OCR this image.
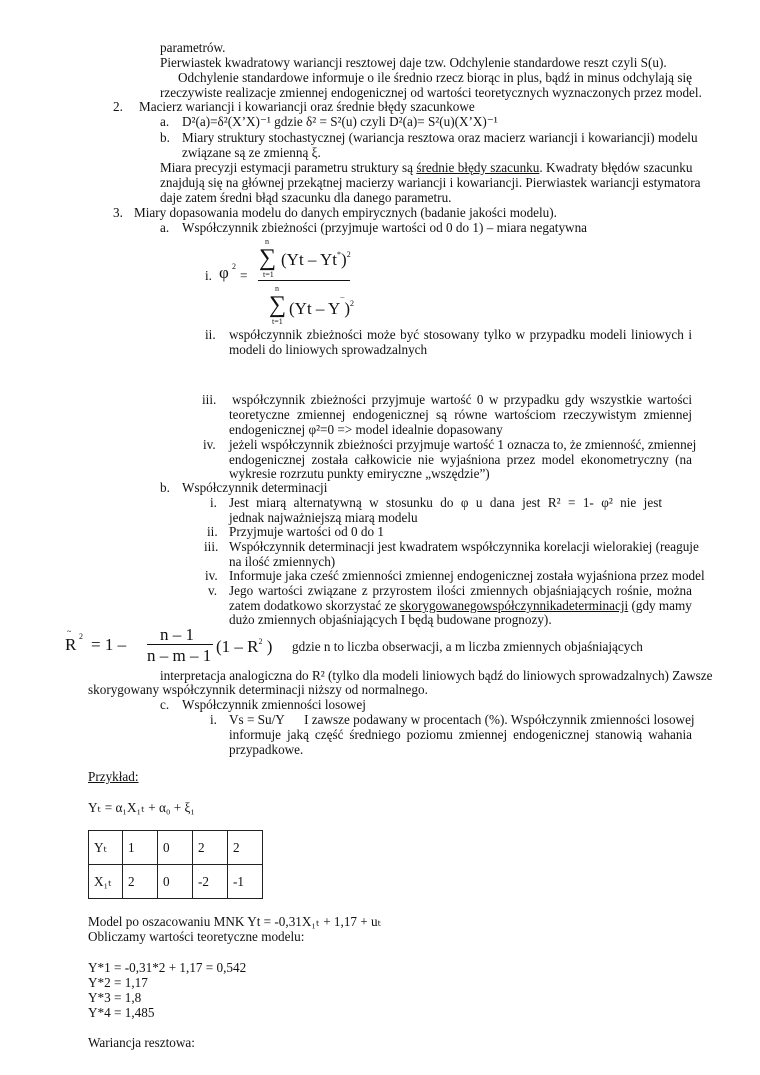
parametrów.
Pierwiastek kwadratowy wariancji resztowej daje tzw. Odchylenie standardowe reszt czyli S(u).
Odchylenie standardowe informuje o ile średnio rzecz biorąc in plus, bądź in minus odchylają się
rzeczywiste realizacje zmiennej endogenicznej od wartości teoretycznych wyznaczonych przez model.
2. Macierz wariancji i kowariancji oraz średnie błędy szacunkowe
a. D²(a)=δ²(X’X)⁻¹ gdzie δ² = S²(u) czyli D²(a)= S²(u)(X’X)⁻¹
b. Miary struktury stochastycznej (wariancja resztowa oraz macierz wariancji i kowariancji) modelu
związane są ze zmienną ξ.
Miara precyzji estymacji parametru struktury są średnie błędy szacunku. Kwadraty błędów szacunku
znajdują się na głównej przekątnej macierzy wariancji i kowariancji. Pierwiastek wariancji estymatora
daje zatem średni błąd szacunku dla danego parametru.
3. Miary dopasowania modelu do danych empirycznych (badanie jakości modelu).
a. Współczynnik zbieżności (przyjmuje wartości od 0 do 1) – miara negatywna
i. φ 2
=
n
∑
t=1
(Yt – Yt*)$^2$
n
∑
t=1
(Yt – Y¯)$^2$
ii. współczynnik zbieżności może być stosowany tylko w przypadku modeli liniowych i
modeli do liniowych sprowadzalnych
iii. współczynnik zbieżności przyjmuje wartość 0 w przypadku gdy wszystkie wartości
teoretyczne zmiennej endogenicznej są równe wartościom rzeczywistym zmiennej
endogenicznej φ²=0 => model idealnie dopasowany
iv. jeżeli współczynnik zbieżności przyjmuje wartość 1 oznacza to, że zmienność, zmiennej
endogenicznej została całkowicie nie wyjaśniona przez model ekonometryczny (na
wykresie rozrzutu punkty emiryczne „wszędzie”)
b. Współczynnik determinacji
i. Jest miarą alternatywną w stosunku do φ u dana jest R² = 1- φ² nie jest
jednak najważniejszą miarą modelu
ii. Przyjmuje wartości od 0 do 1
iii. Współczynnik determinacji jest kwadratem współczynnika korelacji wielorakiej (reaguje
na ilość zmiennych)
iv. Informuje jaka cześć zmienności zmiennej endogenicznej została wyjaśniona przez model
v. Jego wartości związane z przyrostem ilości zmiennych objaśniających rośnie, można
zatem dodatkowo skorzystać ze skorygowanegowspółczynnikadeterminacji (gdy mamy
dużo zmiennych objaśniających I będą budowane prognozy).
~
R 2 = 1 –
n – 1
n – m – 1 ($1 - R^2$ ) gdzie n to liczba obserwacji, a m liczba zmiennych objaśniających
interpretacja analogiczna do R² (tylko dla modeli liniowych bądź do liniowych sprowadzalnych) Zawsze
skorygowany współczynnik determinacji niższy od normalnego.
c. Współczynnik zmienności losowej
i. Vs = Su/Y      I zawsze podawany w procentach (%). Współczynnik zmienności losowej
informuje jaką część średniego poziomu zmiennej endogenicznej stanowią wahania
przypadkowe.
Przykład:
Yₜ = α₁X₁ₜ + α₀ + ξ₁
Yₜ	1	0	2	2
X₁ₜ	2	0	-2	-1
Model po oszacowaniu MNK Yt = -0,31X₁ₜ + 1,17 + uₜ
Obliczamy wartości teoretyczne modelu:
Y*1 = -0,31*2 + 1,17 = 0,542
Y*2 = 1,17
Y*3 = 1,8
Y*4 = 1,485
Wariancja resztowa:
